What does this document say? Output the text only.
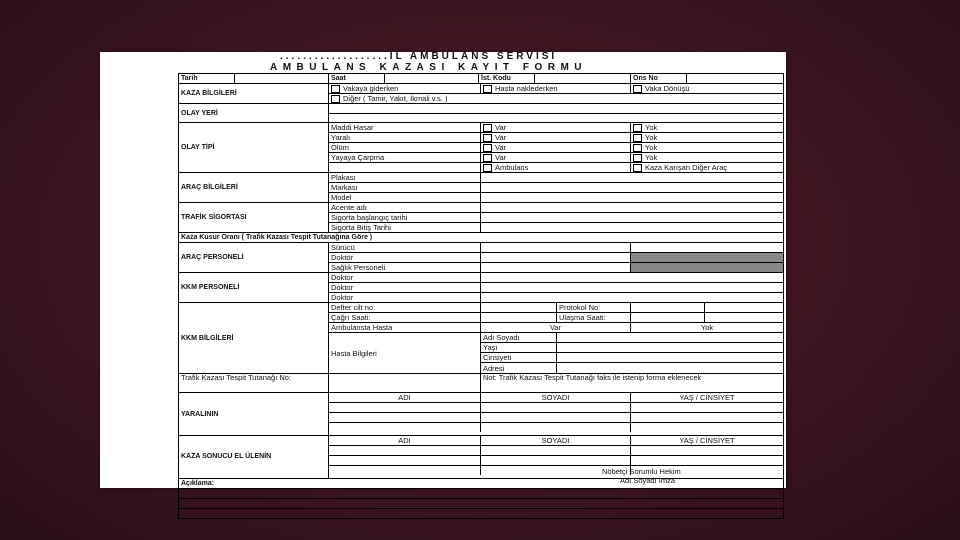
...................İL AMBULANS SERVİSİ
AMBULANS KAZASI KAYIT FORMU
Tarih	Saat	İst. Kodu	Ons No
KAZA BİLGİLERİ
Vakaya giderken	Hasta naklederken	Vaka Dönüşü
Diğer ( Tamir, Yakıt, İkmali v.s. )
OLAY YERİ
OLAY TİPİ
Maddi Hasar	Var	Yok
Yaralı	Var	Yok
Ölüm	Var	Yok
Yayaya Çarpma	Var	Yok
Ambulans	Kaza Karışan Diğer Araç
ARAÇ BİLGİLERİ
Plakası
Markası
Model
TRAFİK SİGORTASI
Acente adı
Sigorta başlangıç tarihi
Sigorta Bitiş Tarihi
Kaza Kusur Oranı ( Trafik Kazası Tespit Tutanağına Göre )
ARAÇ PERSONELİ
Sürücü
Doktor
Sağlık Personeli
KKM PERSONELİ
Doktor
Doktor
Doktor
KKM BİLGİLERİ
Defter cilt no:	Protokol No:
Çağrı Saati:	Ulaşma Saati:
Ambulansta Hasta	Var	Yok
Hasta Bilgileri
Adı Soyadı
Yaşı
Cinsiyeti
Adresi
Trafik Kazası Tespit Tutanağı No:	Not: Trafik Kazası Tespit Tutanağı faks ile istenip forma eklenecek
YARALININ
ADI	SOYADI	YAŞ / CİNSİYET
KAZA SONUCU EL ÜLENİN
ADI	SOYADI	YAŞ / CİNSİYET
Açıklama:
Nöbetçi Sorumlu Hekim
Adı Soyadı İmza
